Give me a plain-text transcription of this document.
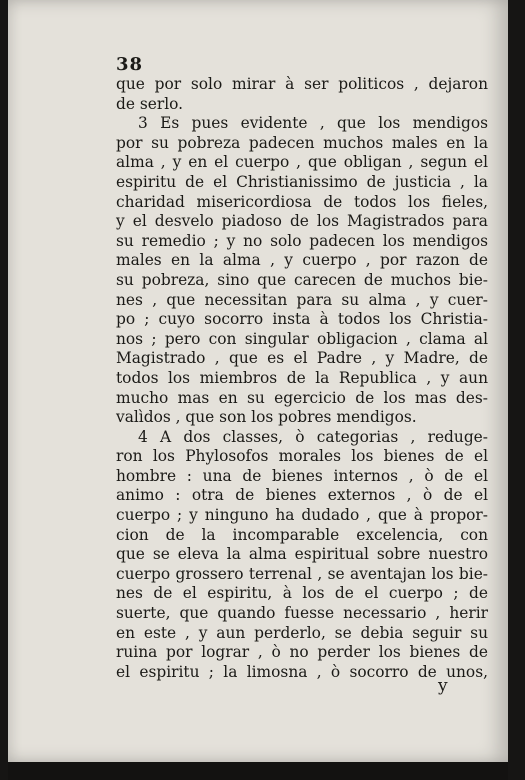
38
que por solo mirar à ser politicos , dejaron
de serlo.
3 Es pues evidente , que los mendigos
por su pobreza padecen muchos males en la
alma , y en el cuerpo , que obligan , segun el
espiritu de el Christianissimo de justicia , la
charidad misericordiosa de todos los fieles,
y el desvelo piadoso de los Magistrados para
su remedio ; y no solo padecen los mendigos
males en la alma , y cuerpo , por razon de
su pobreza, sino que carecen de muchos bie-
nes , que necessitan para su alma , y cuer-
po ; cuyo socorro insta à todos los Christia-
nos ; pero con singular obligacion , clama al
Magistrado , que es el Padre , y Madre, de
todos los miembros de la Republica , y aun
mucho mas en su egercicio de los mas des-
valìdos , que son los pobres mendigos.
4 A dos classes, ò categorias , reduge-
ron los Phylosofos morales los bienes de el
hombre : una de bienes internos , ò de el
animo : otra de bienes externos , ò de el
cuerpo ; y ninguno ha dudado , que à propor-
cion de la incomparable excelencia, con
que se eleva la alma espiritual sobre nuestro
cuerpo grossero terrenal , se aventajan los bie-
nes de el espiritu, à los de el cuerpo ; de
suerte, que quando fuesse necessario , herir
en este , y aun perderlo, se debia seguir su
ruina por lograr , ò no perder los bienes de
el espiritu ; la limosna , ò socorro de unos,
y
